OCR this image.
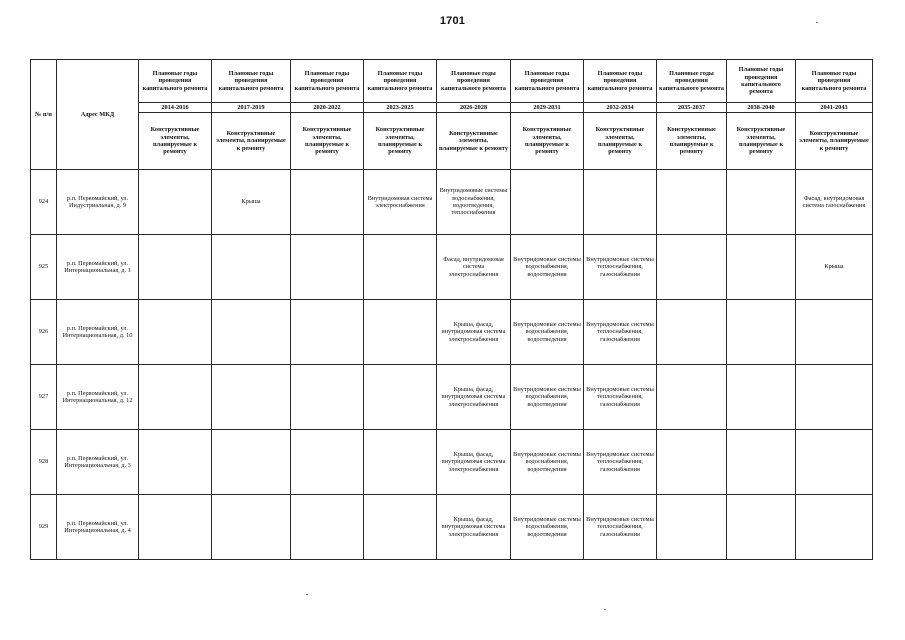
1701
№ п/п	Адрес МКД	Плановые годы проведения капитального ремонта	Плановые годы проведения капитального ремонта	Плановые годы проведения капитального ремонта	Плановые годы проведения капитального ремонта	Плановые годы проведения капитального ремонта	Плановые годы проведения капитального ремонта	Плановые годы проведения капитального ремонта	Плановые годы проведения капитального ремонта	Плановые годы проведения капитального ремонта	Плановые годы проведения капитального ремонта
		2014-2016	2017-2019	2020-2022	2023-2025	2026-2028	2029-2031	2032-2034	2035-2037	2038-2040	2041-2043
		Конструктивные элементы, планируемые к ремонту	Конструктивные элементы, планируемые к ремонту	Конструктивные элементы, планируемые к ремонту	Конструктивные элементы, планируемые к ремонту	Конструктивные элементы, планируемые к ремонту	Конструктивные элементы, планируемые к ремонту	Конструктивные элементы, планируемые к ремонту	Конструктивные элементы, планируемые к ремонту	Конструктивные элементы, планируемые к ремонту	Конструктивные элементы, планируемые к ремонту
924	р.п. Первомайский, ул. Индустриальная, д. 9		Крыша		Внутридомовая система электроснабжения	Внутридомовые системы водоснабжения, водоотведения, теплоснабжения					Фасад, внутридомовая система газоснабжения
925	р.п. Первомайский, ул. Интернациональная, д. 1					Фасад, внутридомовая система электроснабжения	Внутридомовые системы водоснабжения, водоотведения	Внутридомовые системы теплоснабжения, газоснабжения			Крыша
926	р.п. Первомайский, ул. Интернациональная, д. 10					Крыша, фасад, внутридомовая система электроснабжения	Внутридомовые системы водоснабжения, водоотведения	Внутридомовые системы теплоснабжения, газоснабжения			
927	р.п. Первомайский, ул. Интернациональная, д. 12					Крыша, фасад, внутридомовая система электроснабжения	Внутридомовые системы водоснабжения, водоотведения	Внутридомовые системы теплоснабжения, газоснабжения			
928	р.п. Первомайский, ул. Интернациональная, д. 3					Крыша, фасад, внутридомовая система электроснабжения	Внутридомовые системы водоснабжения, водоотведения	Внутридомовые системы теплоснабжения, газоснабжения			
929	р.п. Первомайский, ул. Интернациональная, д. 4					Крыша, фасад, внутридомовая система электроснабжения	Внутридомовые системы водоснабжения, водоотведения	Внутридомовые системы теплоснабжения, газоснабжения			
